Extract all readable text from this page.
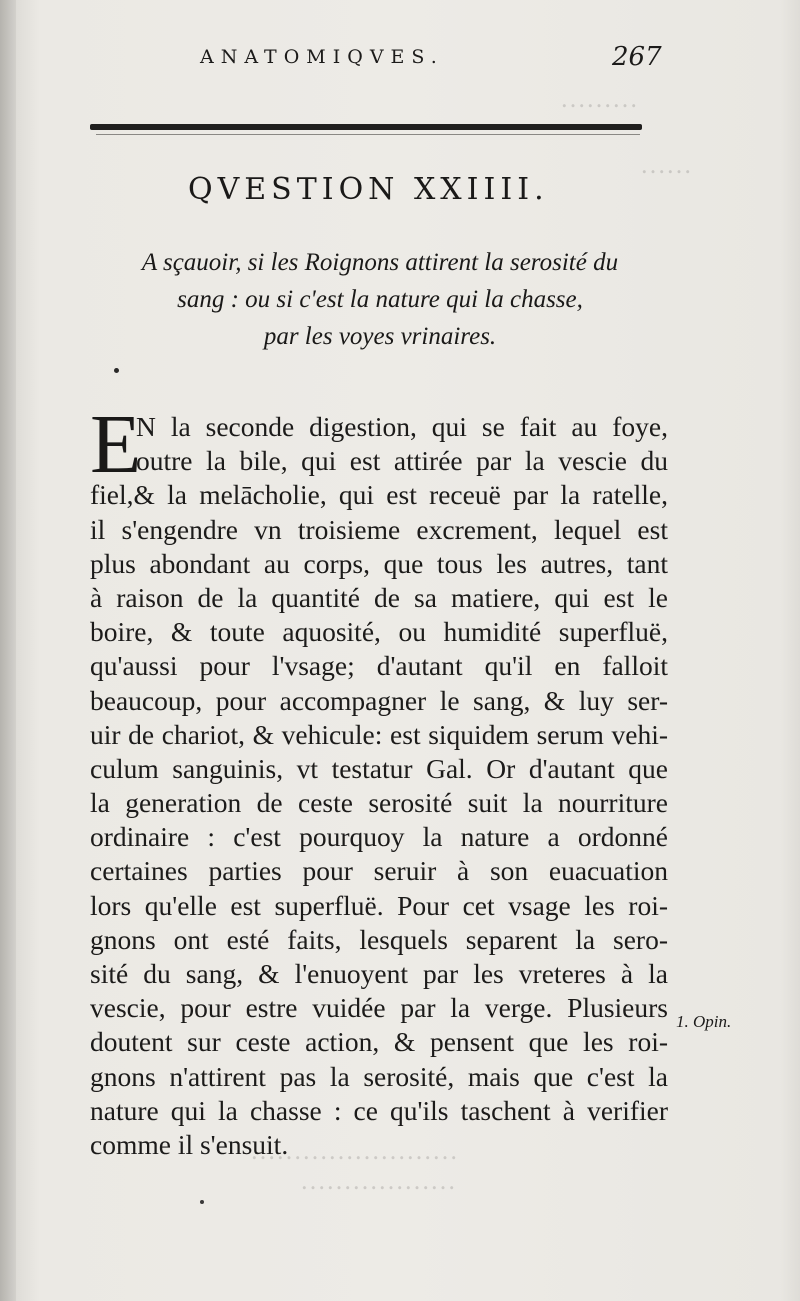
………
……
……………………
………………
ANATOMIQVES.	267
QVESTION XXIIII.
A sçauoir, si les Roignons attirent la serosité du
sang : ou si c'est la nature qui la chasse,
par les voyes vrinaires.
E
N la seconde digestion, qui se fait au foye,
outre la bile, qui est attirée par la vescie du
fiel,& la melācholie, qui est receuë par la ratelle,
il s'engendre vn troisieme excrement, lequel est
plus abondant au corps, que tous les autres, tant
à raison de la quantité de sa matiere, qui est le
boire, & toute aquosité, ou humidité superfluë,
qu'aussi pour l'vsage; d'autant qu'il en falloit
beaucoup, pour accompagner le sang, & luy ser-
uir de chariot, & vehicule: est siquidem serum vehi-
culum sanguinis, vt testatur Gal. Or d'autant que
la generation de ceste serosité suit la nourriture
ordinaire : c'est pourquoy la nature a ordonné
certaines parties pour seruir à son euacuation
lors qu'elle est superfluë. Pour cet vsage les roi-
gnons ont esté faits, lesquels separent la sero-
sité du sang, & l'enuoyent par les vreteres à la
vescie, pour estre vuidée par la verge. Plusieurs
doutent sur ceste action, & pensent que les roi-
gnons n'attirent pas la serosité, mais que c'est la
nature qui la chasse : ce qu'ils taschent à verifier
comme il s'ensuit.
1. Opin.
